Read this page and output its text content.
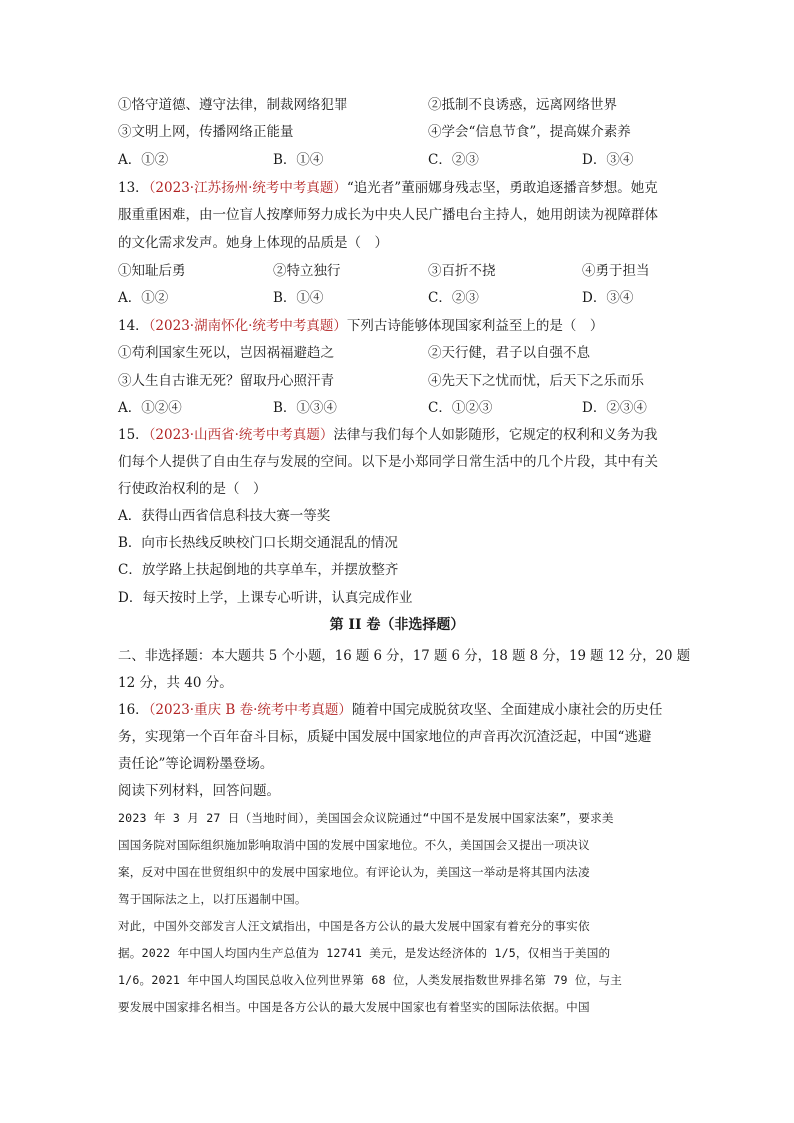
①恪守道德、遵守法律，制裁网络犯罪	②抵制不良诱惑，远离网络世界
③文明上网，传播网络正能量	④学会“信息节食”，提高媒介素养
A．①②	B．①④	C．②③	D．③④
13．（2023·江苏扬州·统考中考真题）“追光者”董丽娜身残志坚，勇敢追逐播音梦想。她克
服重重困难，由一位盲人按摩师努力成长为中央人民广播电台主持人，她用朗读为视障群体
的文化需求发声。她身上体现的品质是（　）
①知耻后勇	②特立独行	③百折不挠	④勇于担当
A．①②	B．①④	C．②③	D．③④
14．（2023·湖南怀化·统考中考真题）下列古诗能够体现国家利益至上的是（　）
①苟利国家生死以，岂因祸福避趋之	②天行健，君子以自强不息
③人生自古谁无死？留取丹心照汗青	④先天下之忧而忧，后天下之乐而乐
A．①②④	B．①③④	C．①②③	D．②③④
15．（2023·山西省·统考中考真题）法律与我们每个人如影随形，它规定的权利和义务为我
们每个人提供了自由生存与发展的空间。以下是小郑同学日常生活中的几个片段，其中有关
行使政治权利的是（　）
A．获得山西省信息科技大赛一等奖
B．向市长热线反映校门口长期交通混乱的情况
C．放学路上扶起倒地的共享单车，并摆放整齐
D．每天按时上学，上课专心听讲，认真完成作业
第 II 卷（非选择题）
二、非选择题：本大题共 5 个小题，16 题 6 分，17 题 6 分，18 题 8 分，19 题 12 分，20 题
12 分，共 40 分。
16．（2023·重庆 B 卷·统考中考真题）随着中国完成脱贫攻坚、全面建成小康社会的历史任
务，实现第一个百年奋斗目标，质疑中国发展中国家地位的声音再次沉渣泛起，中国“逃避
责任论”等论调粉墨登场。
阅读下列材料，回答问题。
2023 年 3 月 27 日（当地时间），美国国会众议院通过“中国不是发展中国家法案”，要求美
国国务院对国际组织施加影响取消中国的发展中国家地位。不久，美国国会又提出一项决议
案，反对中国在世贸组织中的发展中国家地位。有评论认为，美国这一举动是将其国内法凌
驾于国际法之上，以打压遏制中国。
对此，中国外交部发言人汪文斌指出，中国是各方公认的最大发展中国家有着充分的事实依
据。2022 年中国人均国内生产总值为 12741 美元，是发达经济体的 1/5，仅相当于美国的
1/6。2021 年中国人均国民总收入位列世界第 68 位，人类发展指数世界排名第 79 位，与主
要发展中国家排名相当。中国是各方公认的最大发展中国家也有着坚实的国际法依据。中国
